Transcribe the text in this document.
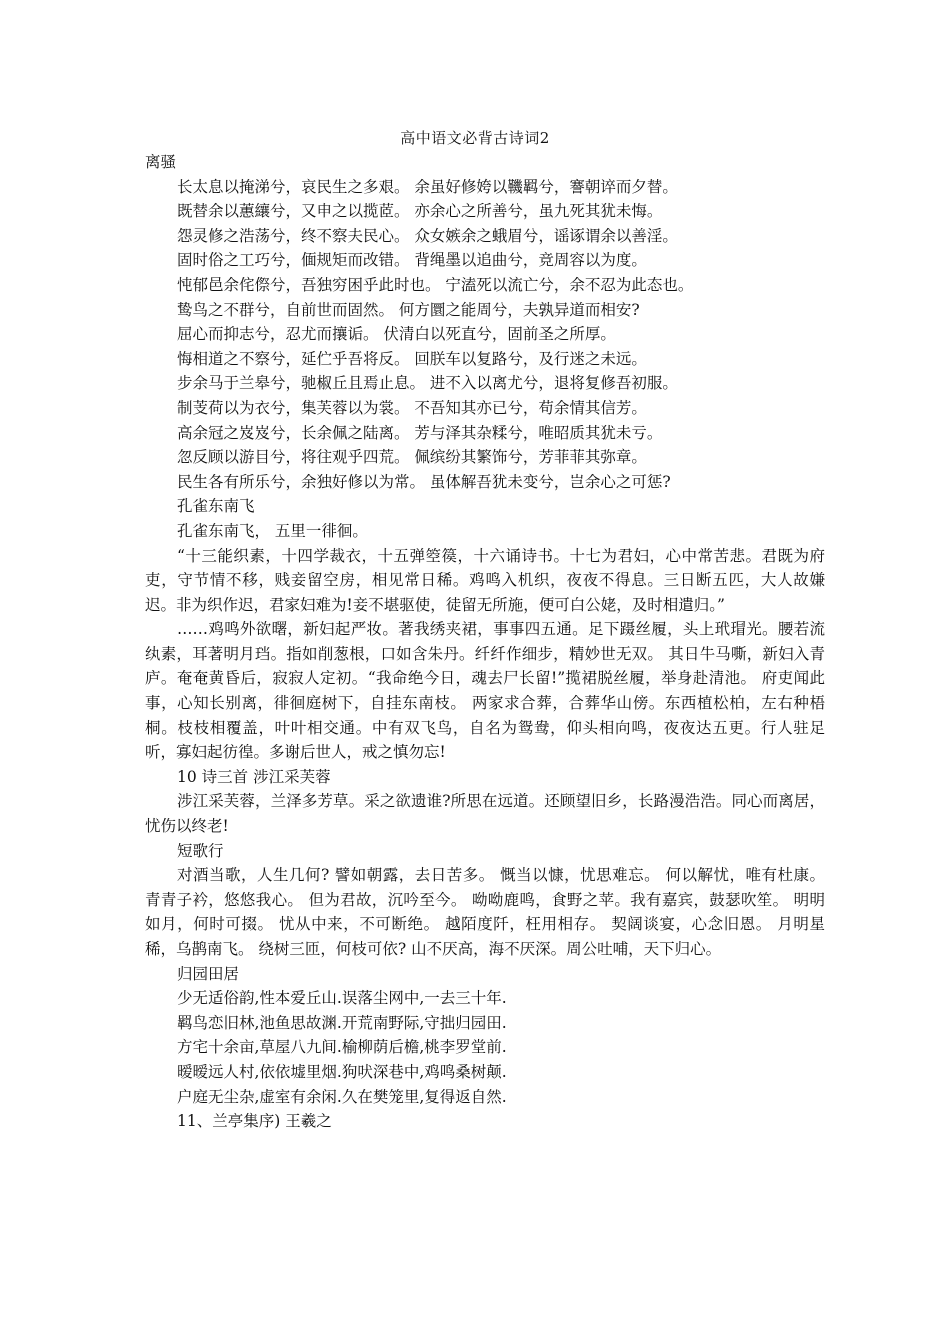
高中语文必背古诗词2
离骚
长太息以掩涕兮，哀民生之多艰。 余虽好修姱以鞿羁兮，謇朝谇而夕替。
既替余以蕙纕兮，又申之以揽茝。 亦余心之所善兮，虽九死其犹未悔。
怨灵修之浩荡兮，终不察夫民心。 众女嫉余之蛾眉兮，谣诼谓余以善淫。
固时俗之工巧兮，偭规矩而改错。 背绳墨以追曲兮，竞周容以为度。
忳郁邑余侘傺兮，吾独穷困乎此时也。 宁溘死以流亡兮，余不忍为此态也。
鸷鸟之不群兮，自前世而固然。 何方圜之能周兮，夫孰异道而相安?
屈心而抑志兮，忍尤而攘诟。 伏清白以死直兮，固前圣之所厚。
悔相道之不察兮，延伫乎吾将反。 回朕车以复路兮，及行迷之未远。
步余马于兰皋兮，驰椒丘且焉止息。 进不入以离尤兮，退将复修吾初服。
制芰荷以为衣兮，集芙蓉以为裳。 不吾知其亦已兮，苟余情其信芳。
高余冠之岌岌兮，长余佩之陆离。 芳与泽其杂糅兮，唯昭质其犹未亏。
忽反顾以游目兮，将往观乎四荒。 佩缤纷其繁饰兮，芳菲菲其弥章。
民生各有所乐兮，余独好修以为常。 虽体解吾犹未变兮，岂余心之可惩?
孔雀东南飞
孔雀东南飞， 五里一徘徊。
“十三能织素，十四学裁衣，十五弹箜篌，十六诵诗书。十七为君妇，心中常苦悲。君既为府吏，守节情不移，贱妾留空房，相见常日稀。鸡鸣入机织，夜夜不得息。三日断五匹，大人故嫌迟。非为织作迟，君家妇难为!妾不堪驱使，徒留无所施，便可白公姥，及时相遣归。”
……鸡鸣外欲曙，新妇起严妆。著我绣夹裙，事事四五通。足下蹑丝履，头上玳瑁光。腰若流纨素，耳著明月珰。指如削葱根，口如含朱丹。纤纤作细步，精妙世无双。 其日牛马嘶，新妇入青庐。奄奄黄昏后，寂寂人定初。“我命绝今日，魂去尸长留!”揽裙脱丝履，举身赴清池。 府吏闻此事，心知长别离，徘徊庭树下，自挂东南枝。 两家求合葬，合葬华山傍。东西植松柏，左右种梧桐。枝枝相覆盖，叶叶相交通。中有双飞鸟，自名为鸳鸯，仰头相向鸣，夜夜达五更。行人驻足听，寡妇起彷徨。多谢后世人，戒之慎勿忘!
10 诗三首 涉江采芙蓉
涉江采芙蓉，兰泽多芳草。采之欲遗谁?所思在远道。还顾望旧乡，长路漫浩浩。同心而离居，忧伤以终老!
短歌行
对酒当歌，人生几何? 譬如朝露，去日苦多。 慨当以慷，忧思难忘。 何以解忧，唯有杜康。 青青子衿，悠悠我心。 但为君故，沉吟至今。 呦呦鹿鸣，食野之苹。我有嘉宾，鼓瑟吹笙。 明明如月，何时可掇。 忧从中来，不可断绝。 越陌度阡，枉用相存。 契阔谈宴，心念旧恩。 月明星稀，乌鹊南飞。 绕树三匝，何枝可依? 山不厌高，海不厌深。周公吐哺，天下归心。
归园田居
少无适俗韵,性本爱丘山.误落尘网中,一去三十年.
羁鸟恋旧林,池鱼思故渊.开荒南野际,守拙归园田.
方宅十余亩,草屋八九间.榆柳荫后檐,桃李罗堂前.
暧暧远人村,依依墟里烟.狗吠深巷中,鸡鸣桑树颠.
户庭无尘杂,虚室有余闲.久在樊笼里,复得返自然.
11、兰亭集序) 王羲之
